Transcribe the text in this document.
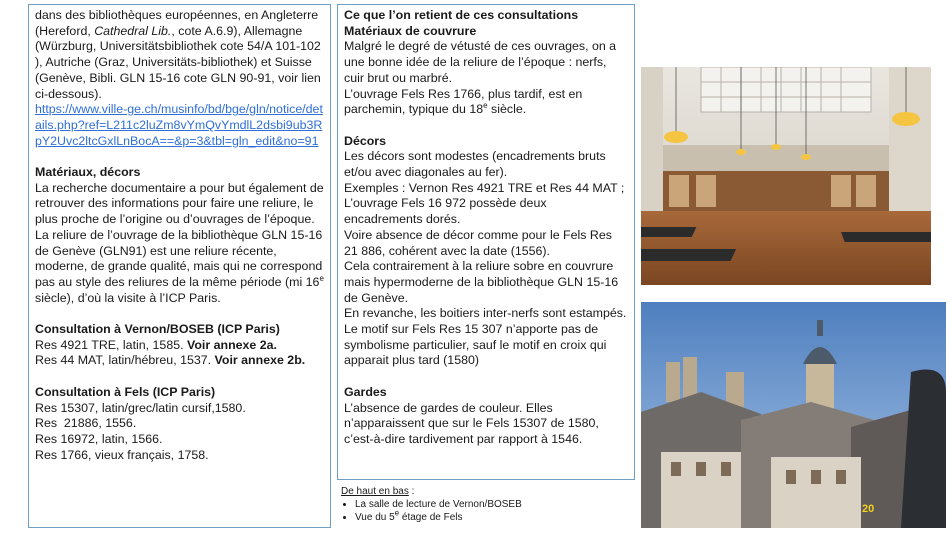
dans des bibliothèques européennes, en Angleterre (Hereford, Cathedral Lib., cote A.6.9), Allemagne (Würzburg, Universitätsbibliothek cote 54/A 101-102 ), Autriche (Graz, Universitäts-bibliothek) et Suisse (Genève, Bibli. GLN 15-16 cote GLN 90-91, voir lien ci-dessous).

https://www.ville-ge.ch/musinfo/bd/bge/gln/notice/details.php?ref=L211c2luZm8vYmQvYmdlL2dsbi9ub3RpY2Uvc2ltcGxlLnBocA==&p=3&tbl=gln_edit&no=91

Matériaux, décors

La recherche documentaire a pour but également de retrouver des informations pour faire une reliure, le plus proche de l’origine ou d’ouvrages de l’époque.

La reliure de l’ouvrage de la bibliothèque GLN 15-16 de Genève (GLN91) est une reliure récente, moderne, de grande qualité, mais qui ne correspond pas au style des reliures de la même période (mi 16e siècle), d’où la visite à l’ICP Paris.

Consultation à Vernon/BOSEB (ICP Paris)

Res 4921 TRE, latin, 1585. Voir annexe 2a.

Res 44 MAT, latin/hébreu, 1537. Voir annexe 2b.

Consultation à Fels (ICP Paris)

Res 15307, latin/grec/latin cursif,1580.

Res  21886, 1556.

Res 16972, latin, 1566.

Res 1766, vieux français, 1758.

Ce que l’on retient de ces consultations

Matériaux de couvrure

Malgré le degré de vétusté de ces ouvrages, on a une bonne idée de la reliure de l’époque : nerfs, cuir brut ou marbré.

L’ouvrage Fels Res 1766, plus tardif, est en parchemin, typique du 18e siècle.

Décors

Les décors sont modestes (encadrements bruts et/ou avec diagonales au fer).

Exemples : Vernon Res 4921 TRE et Res 44 MAT ; L’ouvrage Fels 16 972 possède deux encadrements dorés.

Voire absence de décor comme pour le Fels Res 21 886, cohérent avec la date (1556).

Cela contrairement à la reliure sobre en couvrure mais hypermoderne de la bibliothèque GLN 15-16 de Genève.

En revanche, les boitiers inter-nerfs sont estampés.

Le motif sur Fels Res 15 307 n’apporte pas de symbolisme particulier, sauf le motif en croix qui apparait plus tard (1580)

Gardes

L’absence de gardes de couleur. Elles n’apparaissent que sur le Fels 15307 de 1580, c’est-à-dire tardivement par rapport à 1546.

De haut en bas :
• La salle de lecture de Vernon/BOSEB
• Vue du 5e étage de Fels
20
